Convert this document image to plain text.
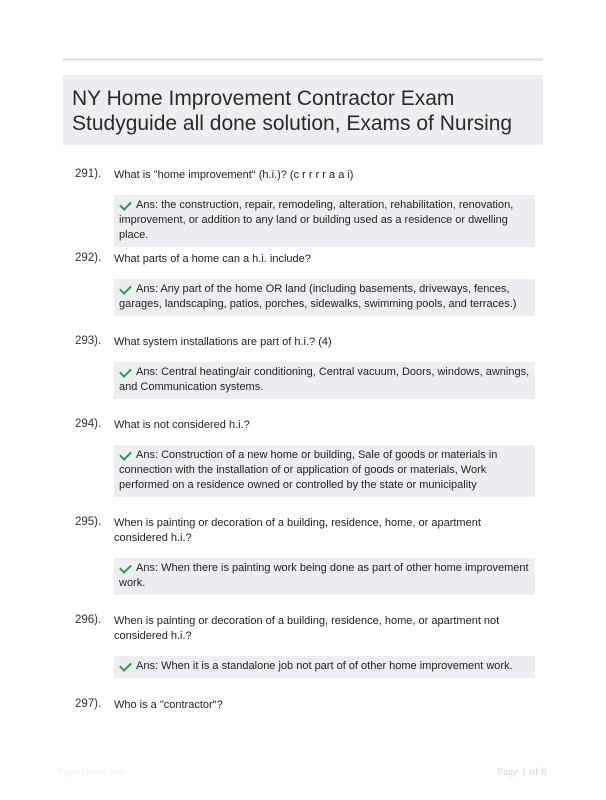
NY Home Improvement Contractor Exam
Studyguide all done solution, Exams of Nursing
291). What is "home improvement" (h.i.)? (c r r r r a a i)
Ans: the construction, repair, remodeling, alteration, rehabilitation, renovation, improvement, or addition to any land or building used as a residence or dwelling place.
292). What parts of a home can a h.i. include?
Ans: Any part of the home OR land (including basements, driveways, fences, garages, landscaping, patios, porches, sidewalks, swimming pools, and terraces.)
293). What system installations are part of h.i.? (4)
Ans: Central heating/air conditioning, Central vacuum, Doors, windows, awnings, and Communication systems.
294). What is not considered h.i.?
Ans: Construction of a new home or building, Sale of goods or materials in connection with the installation of or application of goods or materials, Work performed on a residence owned or controlled by the state or municipality
295). When is painting or decoration of a building, residence, home, or apartment considered h.i.?
Ans: When there is painting work being done as part of other home improvement work.
296). When is painting or decoration of a building, residence, home, or apartment not considered h.i.?
Ans: When it is a standalone job not part of of other home improvement work.
297). Who is a "contractor"?
Paperlibrary.com	Page 1 of 8
